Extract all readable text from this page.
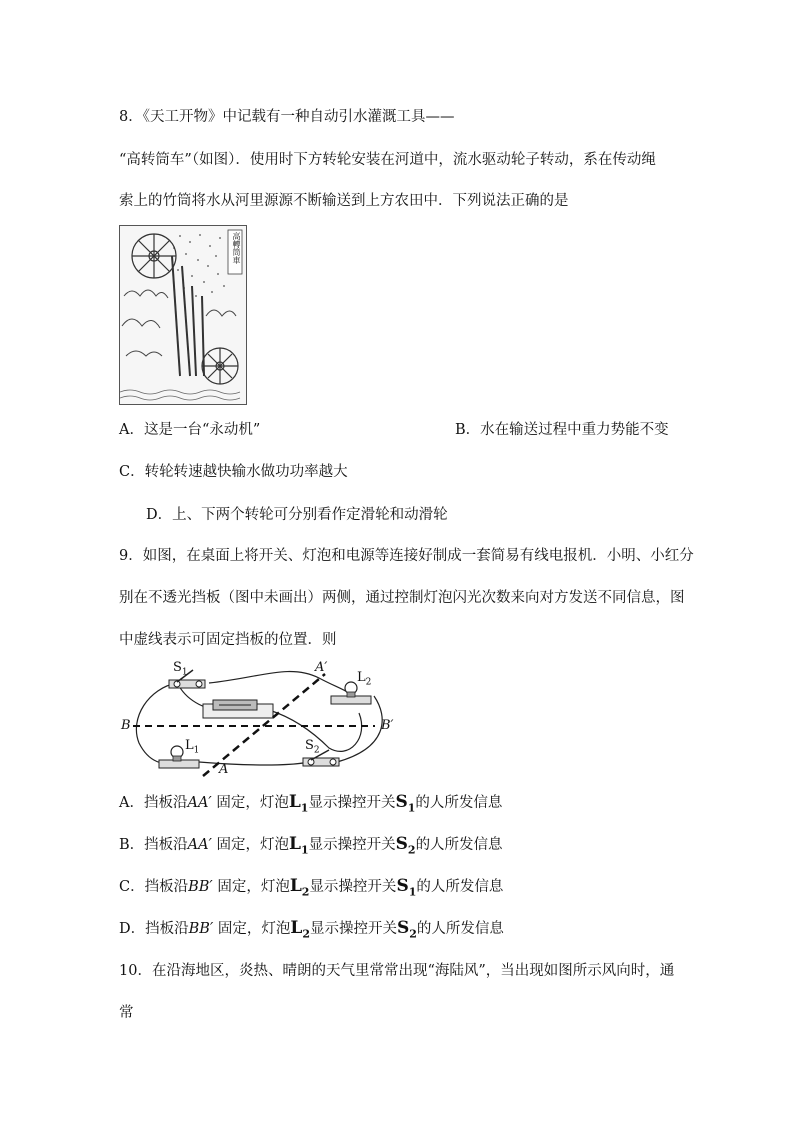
8．《天工开物》中记载有一种自动引水灌溉工具——
“高转筒车”（如图）．使用时下方转轮安装在河道中，流水驱动轮子转动，系在传动绳
索上的竹筒将水从河里源源不断输送到上方农田中．下列说法正确的是
高轉筒車
A．这是一台“永动机”	B．水在输送过程中重力势能不变
C．转轮转速越快输水做功功率越大
D．上、下两个转轮可分别看作定滑轮和动滑轮
9．如图，在桌面上将开关、灯泡和电源等连接好制成一套简易有线电报机．小明、小红分
别在不透光挡板（图中未画出）两侧，通过控制灯泡闪光次数来向对方发送不同信息，图
中虚线表示可固定挡板的位置．则
$S_1$
$S_2$
$L_1$
$L_2$
A
A′
B	B′
A．挡板沿AA′ 固定，灯泡$L_1$显示操控开关$S_1$的人所发信息
B．挡板沿AA′ 固定，灯泡$L_1$显示操控开关$S_2$的人所发信息
C．挡板沿BB′ 固定，灯泡$L_2$显示操控开关$S_1$的人所发信息
D．挡板沿BB′ 固定，灯泡$L_2$显示操控开关$S_2$的人所发信息
10．在沿海地区，炎热、晴朗的天气里常常出现“海陆风”，当出现如图所示风向时，通
常
